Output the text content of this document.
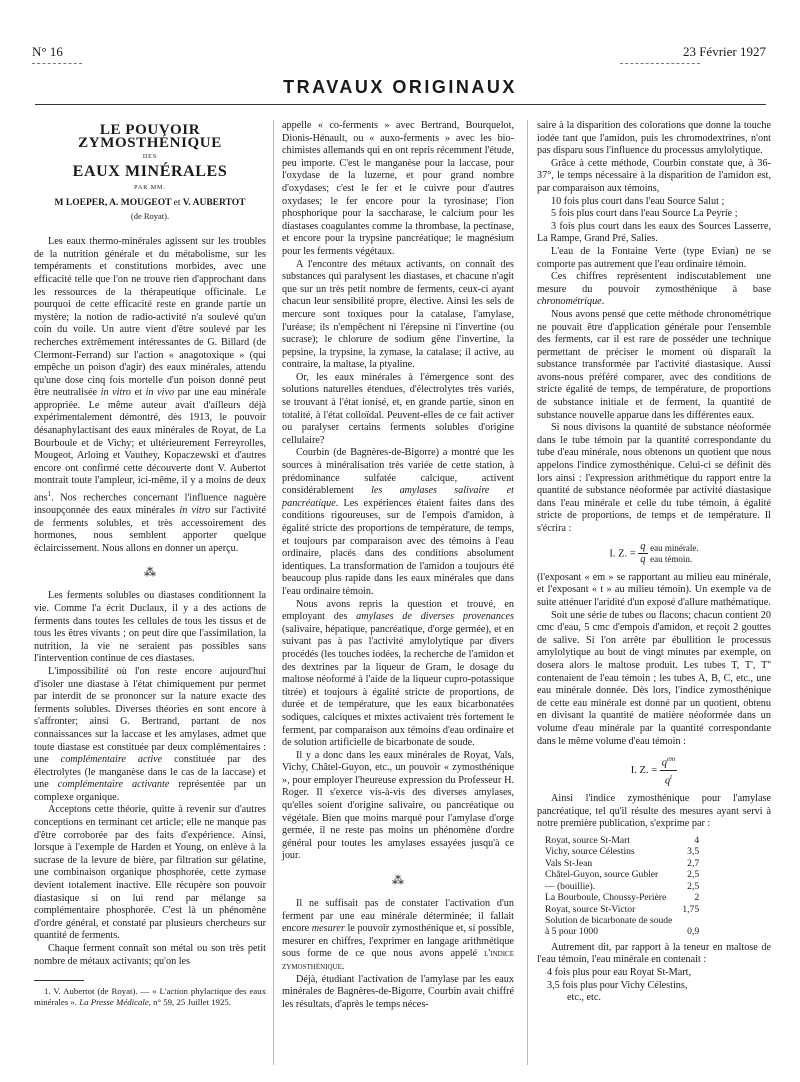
N° 16	23 Février 1927
TRAVAUX ORIGINAUX

LE POUVOIR ZYMOSTHÉNIQUE

DES

EAUX MINÉRALES

PAR MM.

M LOEPER, A. MOUGEOT et V. AUBERTOT

(de Royat).

Les eaux thermo-minérales agissent sur les troubles de la nutrition générale et du métabolisme, sur les tempéraments et constitutions morbides, avec une efficacité telle que l'on ne trouve rien d'approchant dans les ressources de la thérapeutique officinale. Le pourquoi de cette efficacité reste en grande partie un mystère; la notion de radio-activité n'a soulevé qu'un coin du voile. Un autre vient d'être soulevé par les recherches extrêmement intéressantes de G. Billard (de Clermont-Ferrand) sur l'action « anagotoxique » (qui empêche un poison d'agir) des eaux minérales, attendu qu'une dose cinq fois mortelle d'un poison donné peut être neutralisée in vitro et in vivo par une eau minérale appropriée. Le même auteur avait d'ailleurs déjà expérimentalement démontré, dès 1913, le pouvoir désanaphylactisant des eaux minérales de Royat, de La Bourboule et de Vichy; et ultérieurement Ferreyrolles, Mougeot, Arloing et Vauthey, Kopaczewski et d'autres encore ont confirmé cette découverte dont V. Aubertot montrait toute l'ampleur, ici-même, il y a moins de deux ans$^1$. Nos recherches concernant l'influence naguère insoupçonnée des eaux minérales in vitro sur l'activité de ferments solubles, et très accessoirement des hormones, nous semblent apporter quelque éclaircissement. Nous allons en donner un aperçu.

⁂

Les ferments solubles ou diastases conditionnent la vie. Comme l'a écrit Duclaux, il y a des actions de ferments dans toutes les cellules de tous les tissus et de tous les êtres vivants ; on peut dire que l'assimilation, la nutrition, la vie ne seraient pas possibles sans l'intervention continue de ces diastases.

L'impossibilité où l'on reste encore aujourd'hui d'isoler une diastase à l'état chimiquement pur permet par interdit de se prononcer sur la nature exacte des ferments solubles. Diverses théories en sont encore à s'affronter; ainsi G. Bertrand, partant de nos connaissances sur la laccase et les amylases, admet que toute diastase est constituée par deux complémentaires : une complémentaire active constituée par des électrolytes (le manganèse dans le cas de la laccase) et une complémentaire activante représentée par un complexe organique.

Acceptons cette théorie, quitte à revenir sur d'autres conceptions en terminant cet article; elle ne manque pas d'être corroborée par des faits d'expérience. Ainsi, lorsque à l'exemple de Harden et Young, on enlève à la sucrase de la levure de bière, par filtration sur gélatine, une combinaison organique phosphorée, cette zymase devient totalement inactive. Elle récupère son pouvoir diastasique si on lui rend par mélange sa complémentaire phosphorée. C'est là un phénomène d'ordre général, et constaté par plusieurs chercheurs sur quantité de ferments.

Chaque ferment connaît son métal ou son très petit nombre de métaux activants; qu'on les

1. V. Aubertot (de Royat). — « L'action phylactique des eaux minérales ». La Presse Médicale, n° 59, 25 Juillet 1925.

appelle « co-ferments » avec Bertrand, Bourquelot, Dionis-Hénault, ou « auxo-ferments » avec les bio-chimistes allemands qui en ont repris récemment l'étude, peu importe. C'est le manganèse pour la laccase, pour l'oxydase de la luzerne, et pour grand nombre d'oxydases; c'est le fer et le cuivre pour d'autres oxydases; le fer encore pour la tyrosinase; l'ion phosphorique pour la saccharase, le calcium pour les diastases coagulantes comme la thrombase, la pectinase, et encore pour la trypsine pancréatique; le magnésium pour les ferments végétaux.

A l'encontre des métaux activants, on connaît des substances qui paralysent les diastases, et chacune n'agit que sur un très petit nombre de ferments, ceux-ci ayant chacun leur sensibilité propre, élective. Ainsi les sels de mercure sont toxiques pour la catalase, l'amylase, l'uréase; ils n'empêchent ni l'érepsine ni l'invertine (ou sucrase); le chlorure de sodium gêne l'invertine, la pepsine, la trypsine, la zymase, la catalase; il active, au contraire, la maltase, la ptyaline.

Or, les eaux minérales à l'émergence sont des solutions naturelles étendues, d'électrolytes très variés, se trouvant à l'état ionisé, et, en grande partie, sinon en totalité, à l'état colloïdal. Peuvent-elles de ce fait activer ou paralyser certains ferments solubles d'origine cellulaire?

Courbin (de Bagnères-de-Bigorre) a montré que les sources à minéralisation très variée de cette station, à prédominance sulfatée calcique, activent considérablement les amylases salivaire et pancréatique. Les expériences étaient faites dans des conditions rigoureuses, sur de l'empois d'amidon, à égalité stricte des proportions de température, de temps, et toujours par comparaison avec des témoins à l'eau ordinaire, placés dans des conditions absolument identiques. La transformation de l'amidon a toujours été beaucoup plus rapide dans les eaux minérales que dans l'eau ordinaire témoin.

Nous avons repris la question et trouvé, en employant des amylases de diverses provenances (salivaire, hépatique, pancréatique, d'orge germée), et en suivant pas à pas l'activité amylolytique par divers procédés (les touches iodées, la recherche de l'amidon et des dextrines par la liqueur de Gram, le dosage du maltose néoformé à l'aide de la liqueur cupro-potassique titrée) et toujours à égalité stricte de proportions, de durée et de température, que les eaux bicarbonatées sodiques, calciques et mixtes activaient très fortement le ferment, par comparaison aux témoins d'eau ordinaire et de solution artificielle de bicarbonate de soude.

Il y a donc dans les eaux minérales de Royat, Vals, Vichy, Châtel-Guyon, etc., un pouvoir « zymosthénique », pour employer l'heureuse expression du Professeur H. Roger. Il s'exerce vis-à-vis des diverses amylases, qu'elles soient d'origine salivaire, ou pancréatique ou végétale. Bien que moins marqué pour l'amylase d'orge germée, il ne reste pas moins un phénomène d'ordre général pour toutes les amylases essayées jusqu'à ce jour.

⁂

Il ne suffisait pas de constater l'activation d'un ferment par une eau minérale déterminée; il fallait encore mesurer le pouvoir zymosthénique et, si possible, mesurer en chiffres, l'exprimer en langage arithmétique sous forme de ce que nous avons appelé l'indice zymosthénique.

Déjà, étudiant l'activation de l'amylase par les eaux minérales de Bagnères-de-Bigorre, Courbin avait chiffré les résultats, d'après le temps néces-

saire à la disparition des colorations que donne la touche iodée tant que l'amidon, puis les chromodextrines, n'ont pas disparu sous l'influence du processus amylolytique.

Grâce à cette méthode, Courbin constate que, à 36-37°, le temps nécessaire à la disparition de l'amidon est, par comparaison aux témoins,

10 fois plus court dans l'eau Source Salut ;

5 fois plus court dans l'eau Source La Peyrie ;

3 fois plus court dans les eaux des Sources Lasserre, La Rampe, Grand Pré, Salies.

L'eau de la Fontaine Verte (type Evian) ne se comporte pas autrement que l'eau ordinaire témoin.

Ces chiffres représentent indiscutablement une mesure du pouvoir zymosthénique à base chronométrique.

Nous avons pensé que cette méthode chronométrique ne pouvait être d'application générale pour l'ensemble des ferments, car il est rare de posséder une technique permettant de préciser le moment où disparaît la substance transformée par l'activité diastasique. Aussi avons-nous préféré comparer, avec des conditions de stricte égalité de temps, de température, de proportions de substance initiale et de ferment, la quantité de substance nouvelle apparue dans les différentes eaux.

Si nous divisons la quantité de substance néoformée dans le tube témoin par la quantité correspondante du tube d'eau minérale, nous obtenons un quotient que nous appelons l'indice zymosthénique. Celui-ci se définit dès lors ainsi : l'expression arithmétique du rapport entre la quantité de substance néoformée par activité diastasique dans l'eau minérale et celle du tube témoin, à égalité stricte de proportions, de temps et de température. Il s'écrira :

I. Z. = $\frac{q}{q}$
eau minérale.
eau témoin.

(l'exposant « em » se rapportant au milieu eau minérale, et l'exposant « t » au milieu témoin). Un exemple va de suite atténuer l'aridité d'un exposé d'allure mathématique.

Soit une série de tubes ou flacons; chacun contient 20 cmc d'eau, 5 cmc d'empois d'amidon, et reçoit 2 gouttes de salive. Si l'on arrête par ébullition le processus amylolytique au bout de vingt minutes par exemple, on dosera alors le maltose produit. Les tubes T, T', T'' contenaient de l'eau témoin ; les tubes A, B, C, etc., une eau minérale donnée. Dès lors, l'indice zymosthénique de cette eau minérale est donné par un quotient, obtenu en divisant la quantité de matière néoformée dans un volume d'eau minérale par la quantité correspondante dans le même volume d'eau témoin :

I. Z. = $\frac{q^{em}}{q^t}$

Ainsi l'indice zymosthénique pour l'amylase pancréatique, tel qu'il résulte des mesures ayant servi à notre première publication, s'exprime par :

Royat, source St-Mart	4
Vichy, source Célestins	3,5
Vals St-Jean	2,7
Châtel-Guyon, source Gubler	2,5
— (bouillie).	2,5
La Bourboule, Choussy-Perière	2
Royat, source St-Victor	1,75
Solution de bicarbonate de soude	
à 5 pour 1000	0,9

Autrement dit, par rapport à la teneur en maltose de l'eau témoin, l'eau minérale en contenait :

4 fois plus pour eau Royat St-Mart,

3,5 fois plus pour Vichy Célestins,

etc., etc.
